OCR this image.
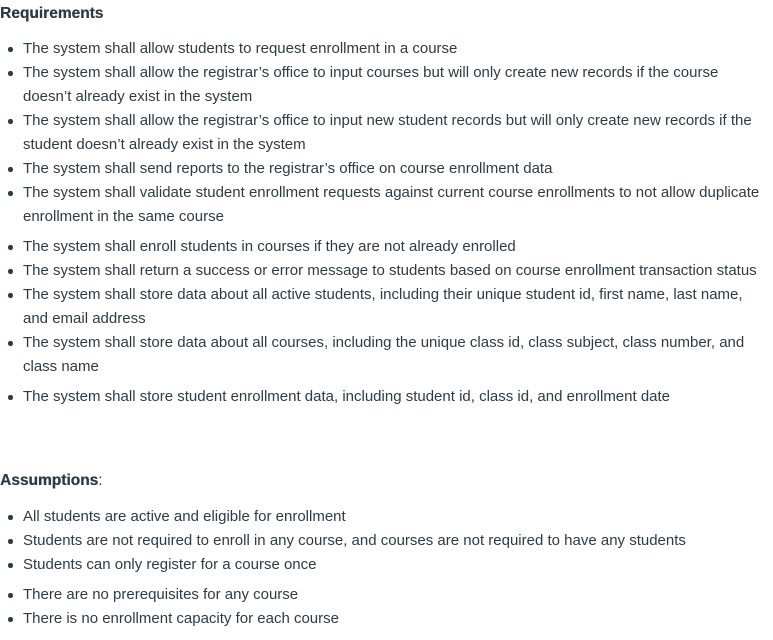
Requirements
The system shall allow students to request enrollment in a course
The system shall allow the registrar’s office to input courses but will only create new records if the course doesn’t already exist in the system
The system shall allow the registrar’s office to input new student records but will only create new records if the student doesn’t already exist in the system
The system shall send reports to the registrar’s office on course enrollment data
The system shall validate student enrollment requests against current course enrollments to not allow duplicate enrollment in the same course
The system shall enroll students in courses if they are not already enrolled
The system shall return a success or error message to students based on course enrollment transaction status
The system shall store data about all active students, including their unique student id, first name, last name, and email address
The system shall store data about all courses, including the unique class id, class subject, class number, and class name
The system shall store student enrollment data, including student id, class id, and enrollment date
Assumptions:
All students are active and eligible for enrollment
Students are not required to enroll in any course, and courses are not required to have any students
Students can only register for a course once
There are no prerequisites for any course
There is no enrollment capacity for each course
